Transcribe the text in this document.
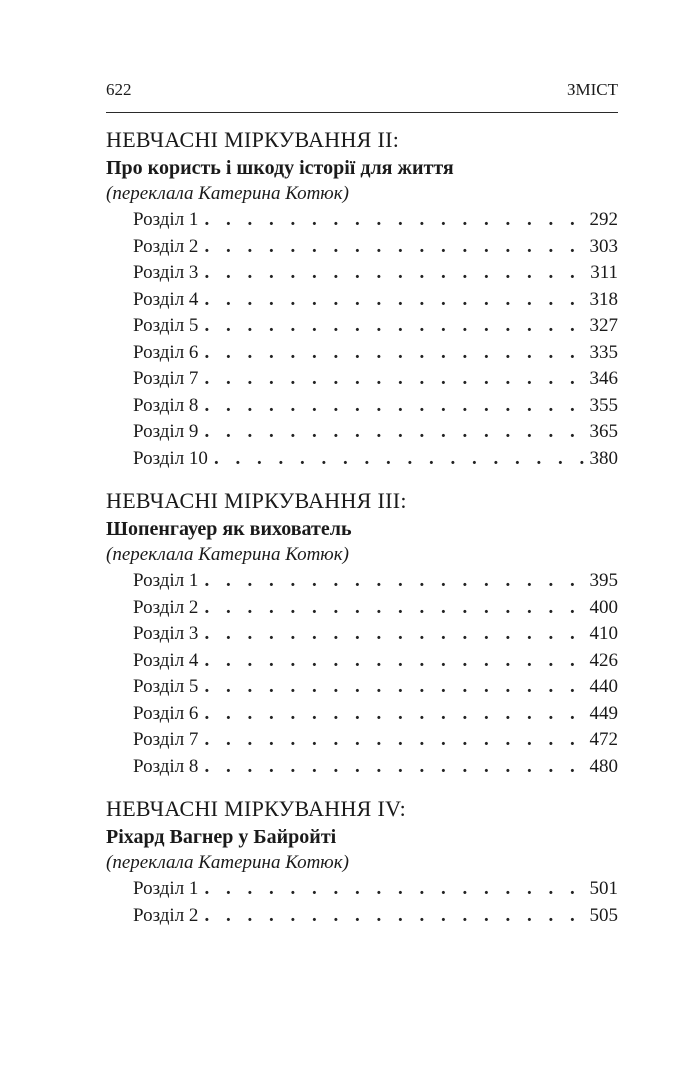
622	ЗМІСТ
НЕВЧАСНІ МІРКУВАННЯ II:
Про користь і шкоду історії для життя
(переклала Катерина Котюк)
Розділ 1 . . .	292
Розділ 2 . . .	303
Розділ 3 . . .	311
Розділ 4 . . .	318
Розділ 5 . . .	327
Розділ 6 . . .	335
Розділ 7 . . .	346
Розділ 8 . . .	355
Розділ 9 . . .	365
Розділ 10 . . .	380
НЕВЧАСНІ МІРКУВАННЯ III:
Шопенгауер як вихователь
(переклала Катерина Котюк)
Розділ 1 . . .	395
Розділ 2 . . .	400
Розділ 3 . . .	410
Розділ 4 . . .	426
Розділ 5 . . .	440
Розділ 6 . . .	449
Розділ 7 . . .	472
Розділ 8 . . .	480
НЕВЧАСНІ МІРКУВАННЯ IV:
Ріхард Вагнер у Байройті
(переклала Катерина Котюк)
Розділ 1 . . .	501
Розділ 2 . . .	505
